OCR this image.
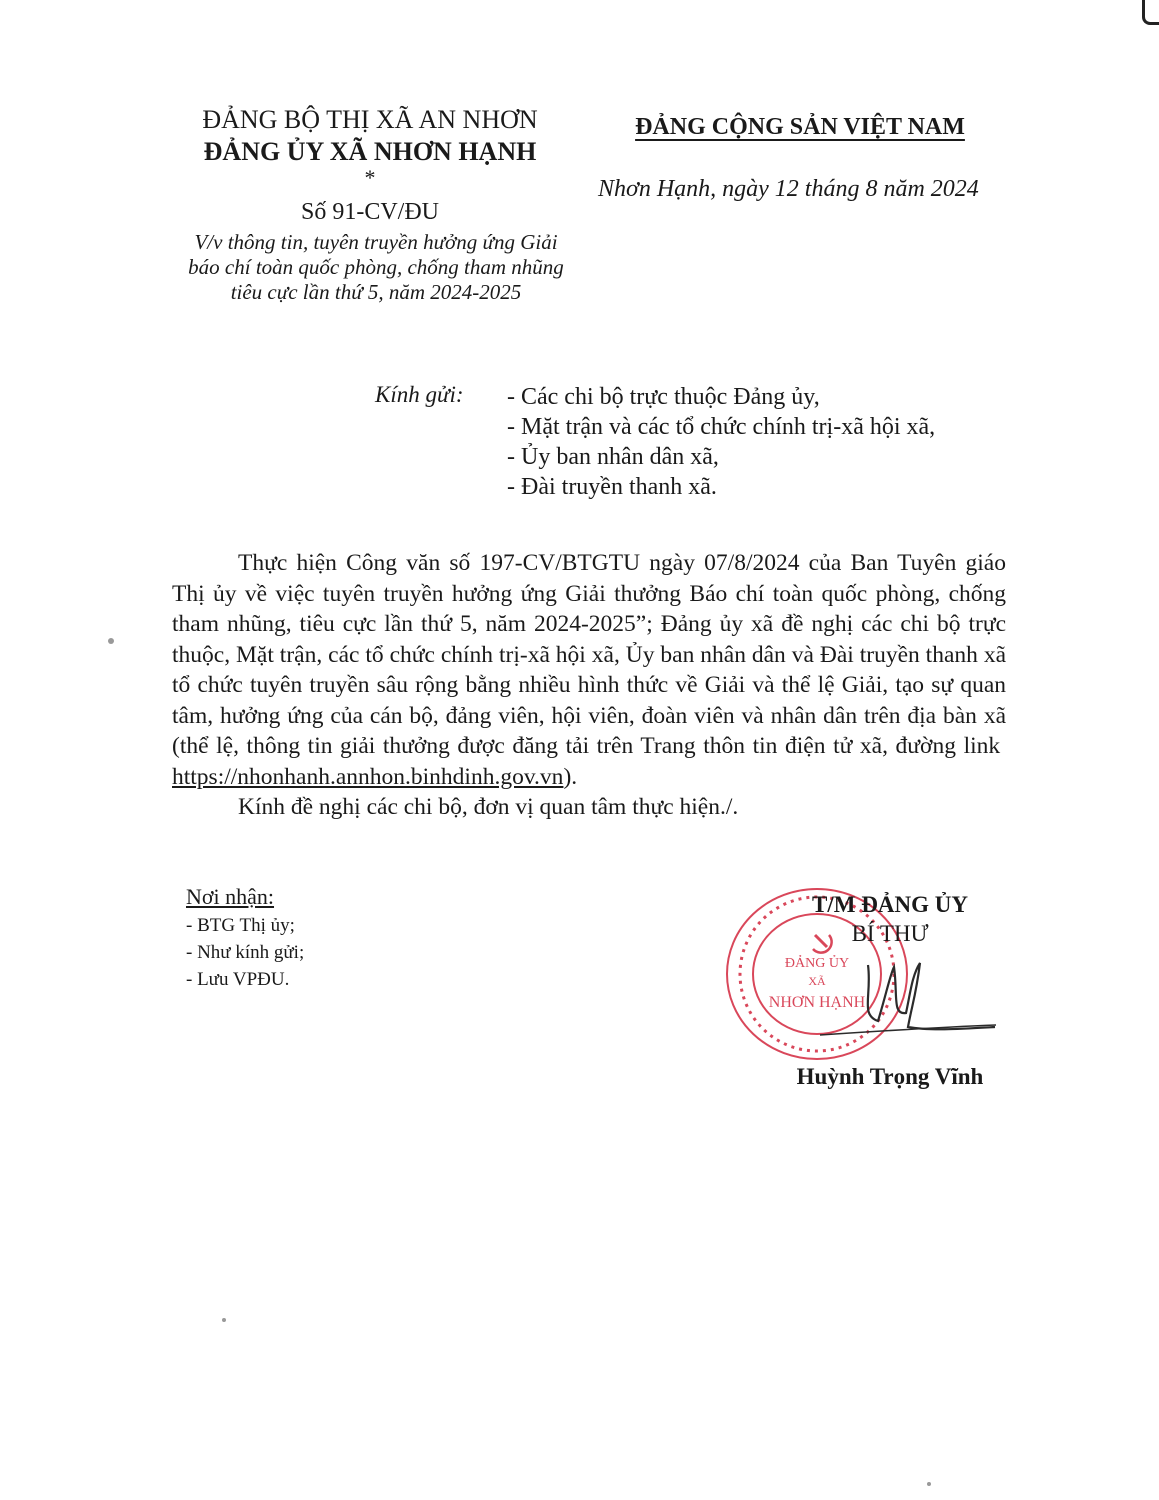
ĐẢNG BỘ THỊ XÃ AN NHƠN
ĐẢNG ỦY XÃ NHƠN HẠNH
*
Số 91-CV/ĐU
V/v thông tin, tuyên truyền hưởng ứng Giải
báo chí toàn quốc phòng, chống tham nhũng
tiêu cực lần thứ 5, năm 2024-2025
ĐẢNG CỘNG SẢN VIỆT NAM
Nhơn Hạnh, ngày 12 tháng 8 năm 2024
Kính gửi: - Các chi bộ trực thuộc Đảng ủy,
- Mặt trận và các tổ chức chính trị-xã hội xã,
- Ủy ban nhân dân xã,
- Đài truyền thanh xã.

Thực hiện Công văn số 197-CV/BTGTU ngày 07/8/2024 của Ban Tuyên giáo Thị ủy về việc tuyên truyền hưởng ứng Giải thưởng Báo chí toàn quốc phòng, chống tham nhũng, tiêu cực lần thứ 5, năm 2024-2025”; Đảng ủy xã đề nghị các chi bộ trực thuộc, Mặt trận, các tổ chức chính trị-xã hội xã, Ủy ban nhân dân và Đài truyền thanh xã tổ chức tuyên truyền sâu rộng bằng nhiều hình thức về Giải và thể lệ Giải, tạo sự quan tâm, hưởng ứng của cán bộ, đảng viên, hội viên, đoàn viên và nhân dân trên địa bàn xã (thể lệ, thông tin giải thưởng được đăng tải trên Trang thôn tin điện tử xã, đường link  https://nhonhanh.annhon.binhdinh.gov.vn).

Kính đề nghị các chi bộ, đơn vị quan tâm thực hiện./.

Nơi nhận:
- BTG Thị ủy;
- Như kính gửi;
- Lưu VPĐU.
ĐẢNG ỦY
XÃ
NHƠN HẠNH
T/M ĐẢNG ỦY
BÍ THƯ
Huỳnh Trọng Vĩnh
